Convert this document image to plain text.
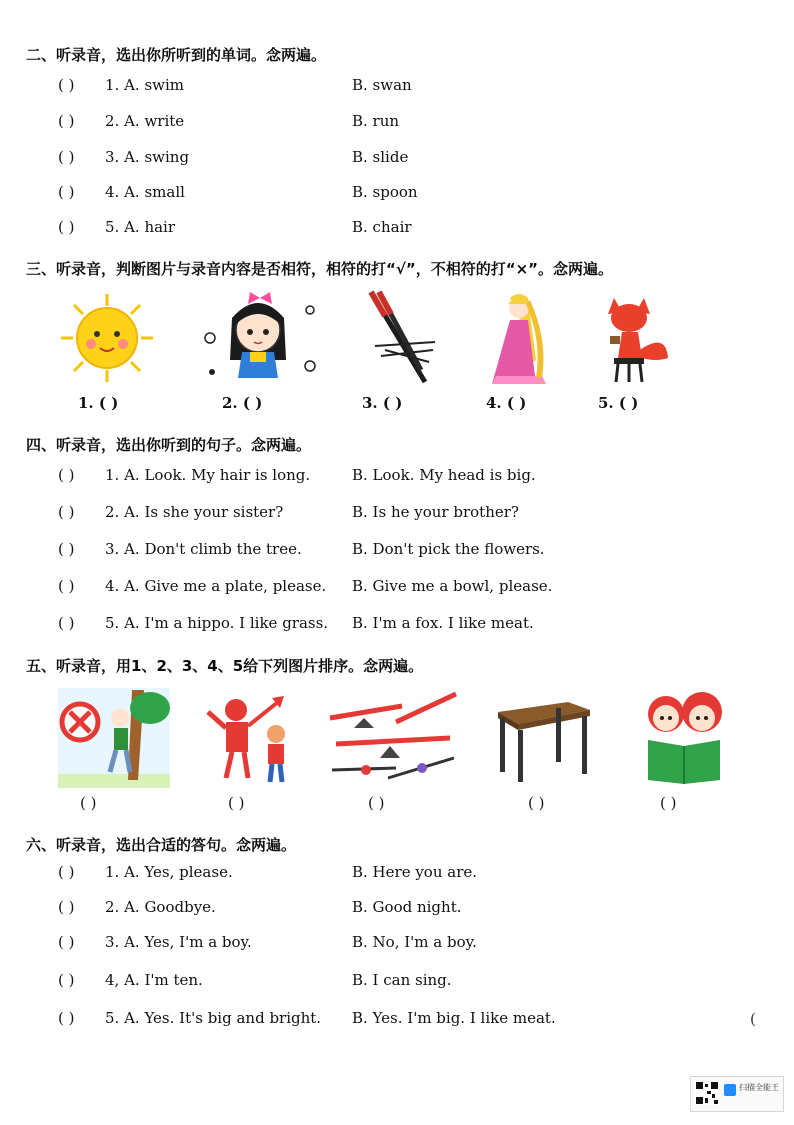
二、听录音，选出你所听到的单词。念两遍。
( ) 1. A. swim	B. swan
( ) 2. A. write	B. run
( ) 3. A. swing	B. slide
( ) 4. A. small	B. spoon
( ) 5. A. hair	B. chair
三、听录音，判断图片与录音内容是否相符，相符的打“√”，不相符的打“×”。念两遍。
1. ( )	2. ( )	3. ( )	4. ( )	5. ( )
四、听录音，选出你听到的句子。念两遍。
( ) 1. A. Look. My hair is long.	B. Look. My head is big.
( ) 2. A. Is she your sister?	B. Is he your brother?
( ) 3. A. Don't climb the tree.	B. Don't pick the flowers.
( ) 4. A. Give me a plate, please. B. Give me a bowl, please.
( ) 5. A. I'm a hippo. I like grass. B. I'm a fox. I like meat.
五、听录音，用1、2、3、4、5给下列图片排序。念两遍。
( )	( )	( )	( )	( )
六、听录音，选出合适的答句。念两遍。
( ) 1. A. Yes, please.	B. Here you are.
( ) 2. A. Goodbye.	B. Good night.
( ) 3. A. Yes, I'm a boy.	B. No, I'm a boy.
( ) 4, A. I'm ten.	B. I can sing.
( ) 5. A. Yes. It's big and bright. B. Yes. I'm big. I like meat.	(
扫描全能王
